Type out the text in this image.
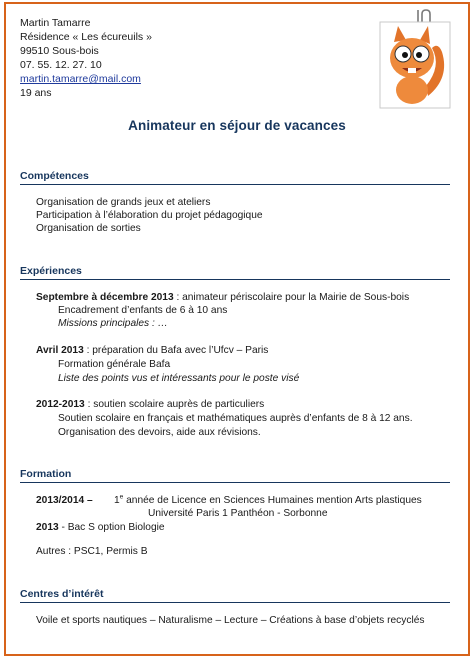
Martin Tamarre
Résidence « Les écureuils »
99510 Sous-bois
07. 55. 12. 27. 10
martin.tamarre@mail.com
19 ans
Animateur en séjour de vacances
Compétences
Organisation de grands jeux et ateliers
Participation à l’élaboration du projet pédagogique
Organisation de sorties
Expériences
Septembre à décembre 2013 : animateur périscolaire pour la Mairie de Sous-bois
Encadrement d’enfants de 6 à 10 ans
Missions principales : …
Avril 2013 : préparation du Bafa avec l’Ufcv – Paris
Formation générale Bafa
Liste des points vus et intéressants pour le poste visé
2012-2013 : soutien scolaire auprès de particuliers
Soutien scolaire en français et mathématiques auprès d’enfants de 8 à 12 ans.
Organisation des devoirs, aide aux révisions.
Formation
2013/2014 – 1e année de Licence en Sciences Humaines mention Arts plastiques
Université Paris 1 Panthéon - Sorbonne
2013 - Bac S option Biologie
Autres : PSC1, Permis B
Centres d’intérêt
Voile et sports nautiques – Naturalisme – Lecture – Créations à base d’objets recyclés
